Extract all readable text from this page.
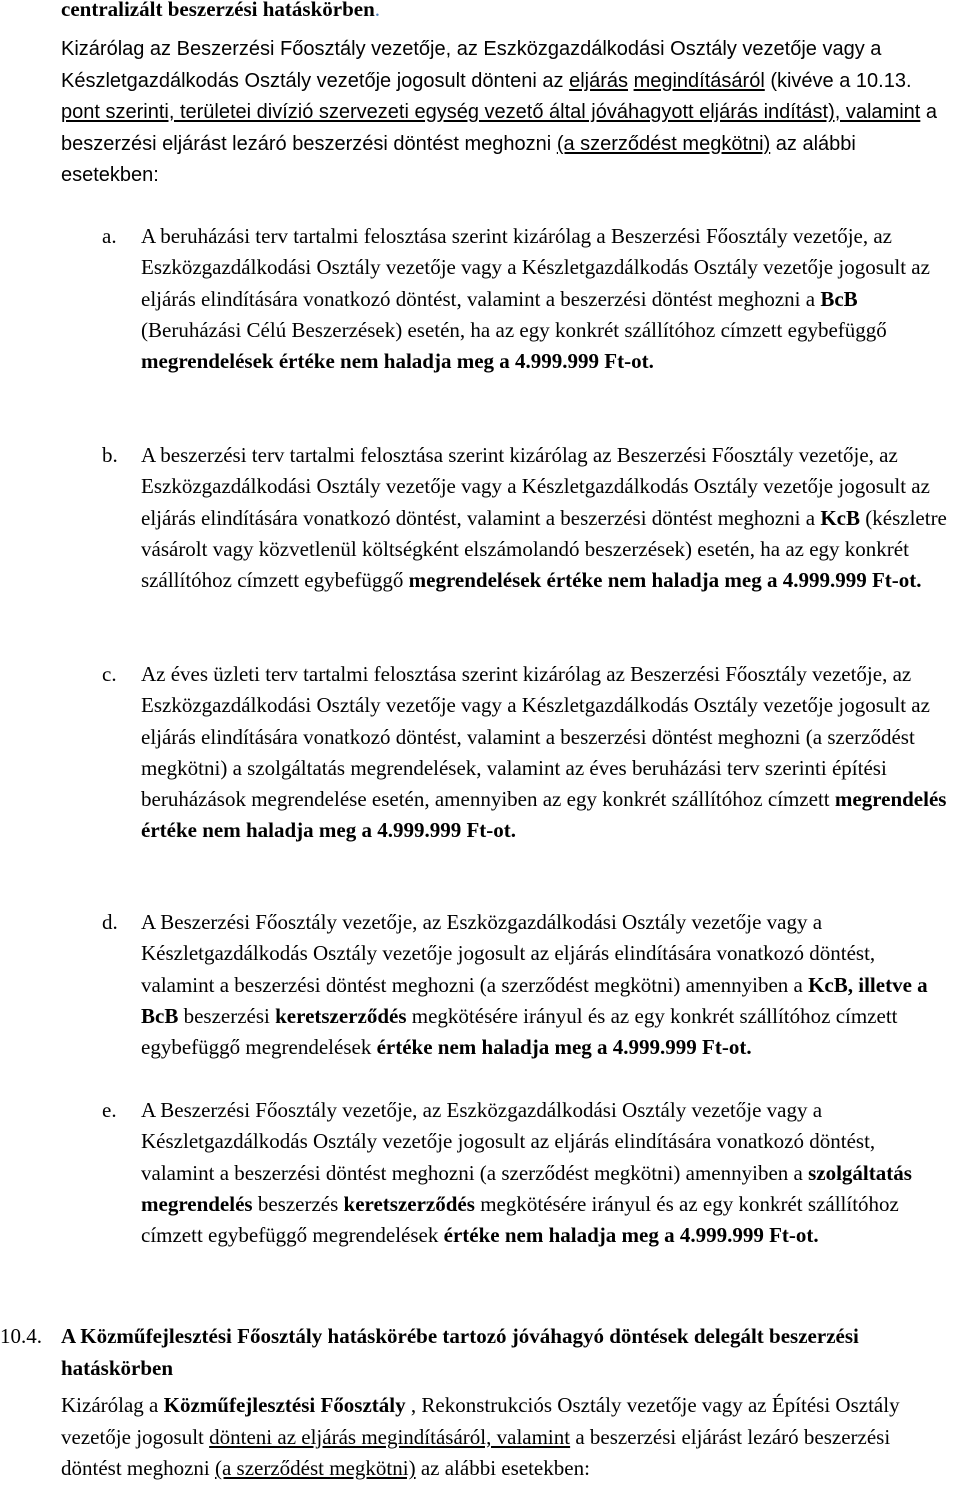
centralizált beszerzési hatáskörben.
Kizárólag az Beszerzési Főosztály vezetője, az Eszközgazdálkodási Osztály vezetője vagy a Készletgazdálkodás Osztály vezetője jogosult dönteni az eljárás megindításáról (kivéve a 10.13. pont szerinti, területei divízió szervezeti egység vezető által jóváhagyott eljárás indítást), valamint a beszerzési eljárást lezáró beszerzési döntést meghozni (a szerződést megkötni) az alábbi esetekben:
a. A beruházási terv tartalmi felosztása szerint kizárólag a Beszerzési Főosztály vezetője, az Eszközgazdálkodási Osztály vezetője vagy a Készletgazdálkodás Osztály vezetője jogosult az eljárás elindítására vonatkozó döntést, valamint a beszerzési döntést meghozni a BcB (Beruházási Célú Beszerzések) esetén, ha az egy konkrét szállítóhoz címzett egybefüggő megrendelések értéke nem haladja meg a 4.999.999 Ft-ot.
b. A beszerzési terv tartalmi felosztása szerint kizárólag az Beszerzési Főosztály vezetője, az Eszközgazdálkodási Osztály vezetője vagy a Készletgazdálkodás Osztály vezetője jogosult az eljárás elindítására vonatkozó döntést, valamint a beszerzési döntést meghozni a KcB (készletre vásárolt vagy közvetlenül költségként elszámolandó beszerzések) esetén, ha az egy konkrét szállítóhoz címzett egybefüggő megrendelések értéke nem haladja meg a 4.999.999 Ft-ot.
c. Az éves üzleti terv tartalmi felosztása szerint kizárólag az Beszerzési Főosztály vezetője, az Eszközgazdálkodási Osztály vezetője vagy a Készletgazdálkodás Osztály vezetője jogosult az eljárás elindítására vonatkozó döntést, valamint a beszerzési döntést meghozni (a szerződést megkötni) a szolgáltatás megrendelések, valamint az éves beruházási terv szerinti építési beruházások megrendelése esetén, amennyiben az egy konkrét szállítóhoz címzett megrendelés értéke nem haladja meg a 4.999.999 Ft-ot.
d. A Beszerzési Főosztály vezetője, az Eszközgazdálkodási Osztály vezetője vagy a Készletgazdálkodás Osztály vezetője jogosult az eljárás elindítására vonatkozó döntést, valamint a beszerzési döntést meghozni (a szerződést megkötni) amennyiben a KcB, illetve a BcB beszerzési keretszerződés megkötésére irányul és az egy konkrét szállítóhoz címzett egybefüggő megrendelések értéke nem haladja meg a 4.999.999 Ft-ot.
e. A Beszerzési Főosztály vezetője, az Eszközgazdálkodási Osztály vezetője vagy a Készletgazdálkodás Osztály vezetője jogosult az eljárás elindítására vonatkozó döntést, valamint a beszerzési döntést meghozni (a szerződést megkötni) amennyiben a szolgáltatás megrendelés beszerzés keretszerződés megkötésére irányul és az egy konkrét szállítóhoz címzett egybefüggő megrendelések értéke nem haladja meg a 4.999.999 Ft-ot.
10.4. A Közműfejlesztési Főosztály hatáskörébe tartozó jóváhagyó döntések delegált beszerzési hatáskörben
Kizárólag a Közműfejlesztési Főosztály , Rekonstrukciós Osztály vezetője vagy az Építési Osztály vezetője jogosult dönteni az eljárás megindításáról, valamint a beszerzési eljárást lezáró beszerzési döntést meghozni (a szerződést megkötni) az alábbi esetekben:
